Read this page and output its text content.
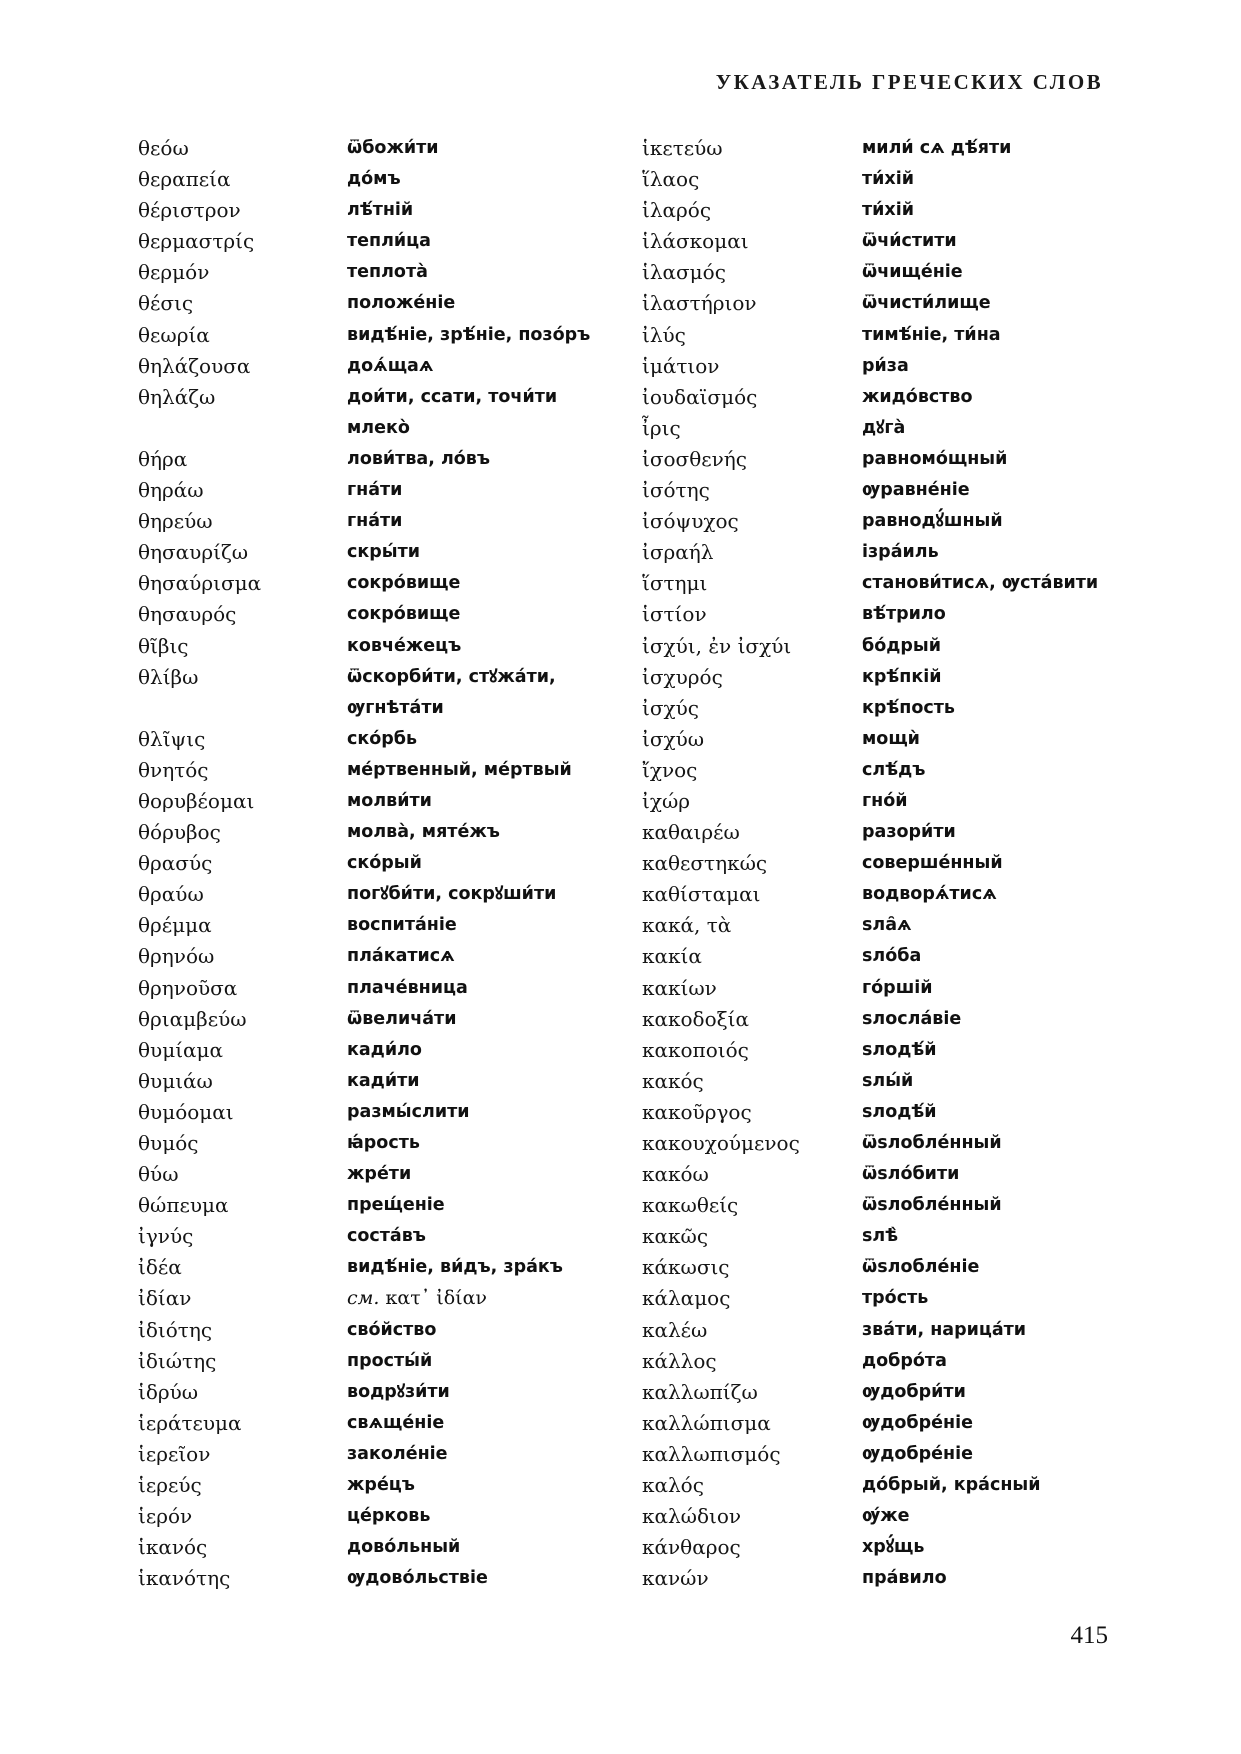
УКАЗАТЕЛЬ ГРЕЧЕСКИХ СЛОВ
θεόω
θεραπεία
θέριστρον
θερμαστρίς
θερμόν
θέσις
θεωρία
θηλάζουσα
θηλάζω
θήρα
θηράω
θηρεύω
θησαυρίζω
θησαύρισμα
θησαυρός
θῖβις
θλίβω
θλῖψις
θνητός
θορυβέομαι
θόρυβος
θρασύς
θραύω
θρέμμα
θρηνόω
θρηνοῦσα
θριαμβεύω
θυμίαμα
θυμιάω
θυμόομαι
θυμός
θύω
θώπευμα
ἰγνύς
ἰδέα
ἰδίαν
ἰδιότης
ἰδιώτης
ἱδρύω
ἱεράτευμα
ἱερεῖον
ἱερεύς
ἱερόν
ἱκανός
ἱκανότης
ѿбожи́ти
до́мъ
лѣ́тній
тепли́ца
теплота̀
положе́ніе
видѣ́ніе, зрѣ́ніе, позо́ръ
доѧ́щаѧ
дои́ти, ссати, точи́ти
млеко̀
лови́тва, ло́въ
гна́ти
гна́ти
скры́ти
сокро́вище
сокро́вище
ковче́жецъ
ѿскорби́ти, стꙋжа́ти,
ѹгнѣта́ти
ско́рбь
ме́ртвенный, ме́ртвый
молви́ти
молва̀, мяте́жъ
ско́рый
погꙋби́ти, сокрꙋши́ти
воспита́ніе
пла́катисѧ
плаче́вница
ѿвелича́ти
кади́ло
кади́ти
размы́слити
ꙗ́рость
жре́ти
прещ́еніе
соста́въ
видѣ́ніе, ви́дъ, зра́къ
см. κατ᾽ ἰδίαν
сво́йство
просты́й
водрꙋзи́ти
свѧще́ніе
заколе́ніе
жре́цъ
це́рковь
дово́льный
ѹдово́льствіе
ἱκετεύω
ἵλαος
ἱλαρός
ἱλάσκομαι
ἱλασμός
ἱλαστήριον
ἰλύς
ἱμάτιον
ἰουδαϊσμός
ἶρις
ἰσοσθενής
ἰσότης
ἰσόψυχος
ἰσραήλ
ἵστημι
ἱστίον
ἰσχύι, ἐν ἰσχύι
ἰσχυρός
ἰσχύς
ἰσχύω
ἴχνος
ἰχώρ
καθαιρέω
καθεστηκώς
καθίσταμαι
κακά, τὰ
κακία
κακίων
κακοδοξία
κακοποιός
κακός
κακοῦργος
κακουχούμενος
κακόω
κακωθείς
κακῶς
κάκωσις
κάλαμος
καλέω
κάλλος
καλλωπίζω
καλλώπισμα
καλλωπισμός
καλός
καλώδιον
κάνθαρος
κανών
мили́ сѧ дѣ́яти
ти́хій
ти́хій
ѿчи́стити
ѿчище́ніе
ѿчисти́лище
тимѣ́ніе, ти́на
ри́за
жидо́вство
дꙋга̀
равномо́щный
ѹравне́ніе
равнодꙋ́шный
ізра́иль
станови́тисѧ, ѹста́вити
вѣ́трило
бо́дрый
крѣ́пкій
крѣ́пость
мощѝ
слѣ́дъ
гно́й
разори́ти
соверше́нный
водворѧ́тисѧ
ѕла̑ѧ
ѕло́ба
го́ршій
ѕлосла́віе
ѕлодѣ́й
ѕлы́й
ѕлодѣ́й
ѿѕлобле́нный
ѿѕло́бити
ѿѕлобле́нный
ѕлѣ̀
ѿѕлобле́ніе
тро́сть
зва́ти, нарица́ти
добро́та
ѹдобри́ти
ѹдобре́ніе
ѹдобре́ніе
до́брый, кра́сный
ѹ́же
хрꙋ́щь
пра́вило
415
